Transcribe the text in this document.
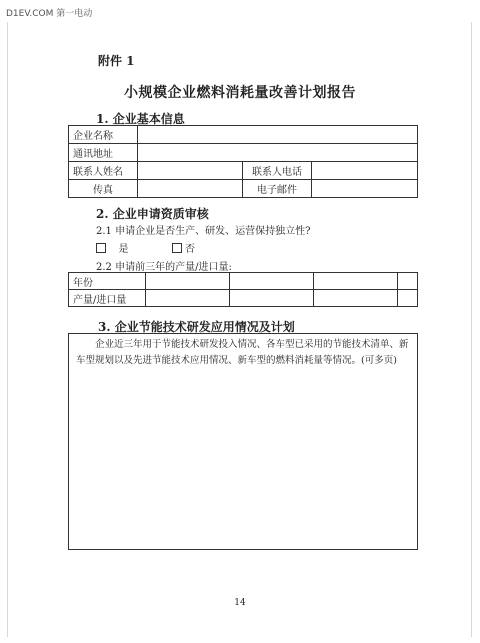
D1EV.COM 第一电动
附件 1
小规模企业燃料消耗量改善计划报告
1. 企业基本信息
企业名称			
通讯地址			
联系人姓名		联系人电话	
传真		电子邮件	
2. 企业申请资质审核
2.1 申请企业是否生产、研发、运营保持独立性?
是	否
2.2 申请前三年的产量/进口量:
年份				
产量/进口量				
3. 企业节能技术研发应用情况及计划
企业近三年用于节能技术研发投入情况、各车型已采用的节能技术清单、新车型规划以及先进节能技术应用情况、新车型的燃料消耗量等情况。(可多页)
14
